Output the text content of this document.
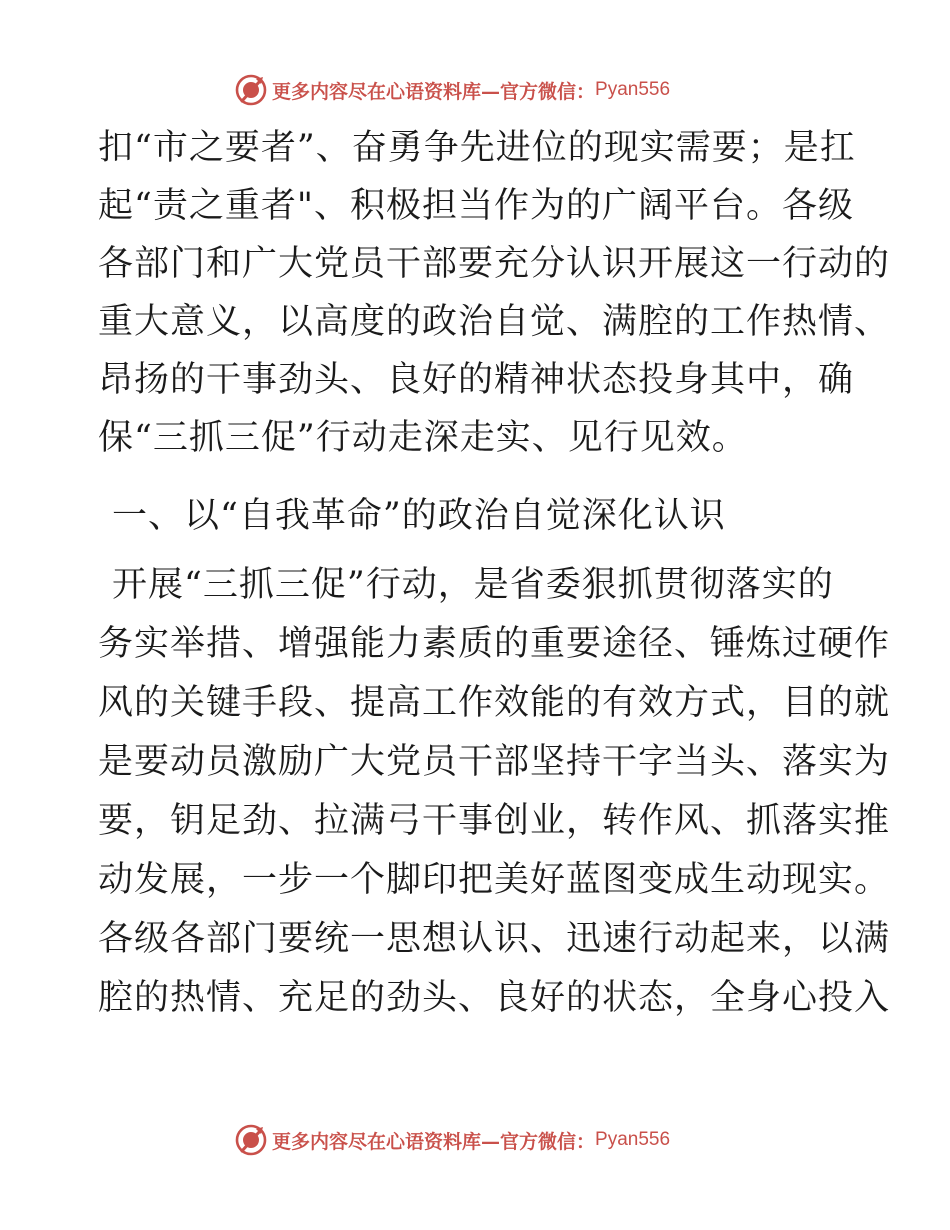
更多内容尽在心语资料库—官方微信： Pyan556
扣“市之要者”、奋勇争先进位的现实需要；是扛
起“责之重者"、积极担当作为的广阔平台。各级
各部门和广大党员干部要充分认识开展这一行动的
重大意义，以高度的政治自觉、满腔的工作热情、
昂扬的干事劲头、良好的精神状态投身其中，确
保“三抓三促”行动走深走实、见行见效。
一、以“自我革命”的政治自觉深化认识
开展“三抓三促”行动，是省委狠抓贯彻落实的
务实举措、增强能力素质的重要途径、锤炼过硬作
风的关键手段、提高工作效能的有效方式，目的就
是要动员激励广大党员干部坚持干字当头、落实为
要，钥足劲、拉满弓干事创业，转作风、抓落实推
动发展，一步一个脚印把美好蓝图变成生动现实。
各级各部门要统一思想认识、迅速行动起来，以满
腔的热情、充足的劲头、良好的状态，全身心投入
更多内容尽在心语资料库—官方微信： Pyan556
